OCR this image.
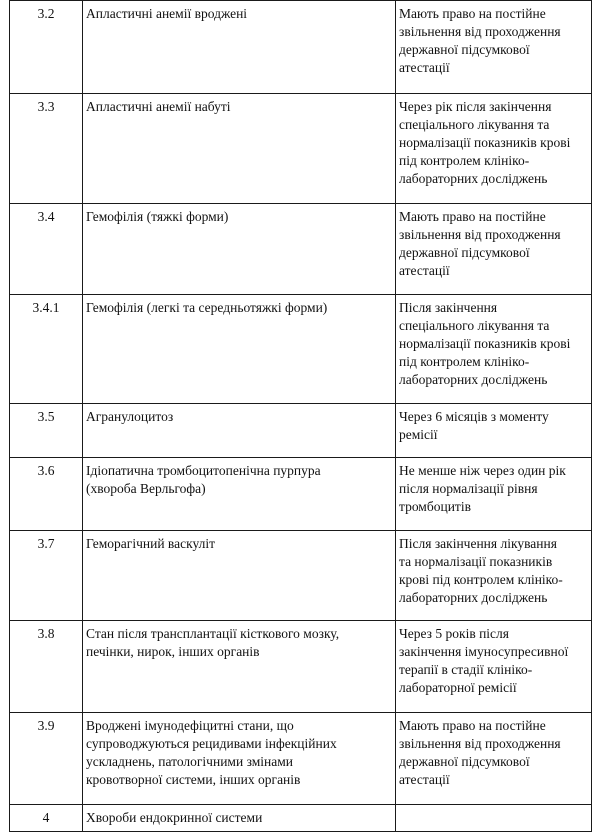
3.2	Апластичні анемії вроджені	Мають право на постійне
звільнення від проходження
державної підсумкової
атестації
3.3	Апластичні анемії набуті	Через рік після закінчення
спеціального лікування та
нормалізації показників крові
під контролем клініко-
лабораторних досліджень
3.4	Гемофілія (тяжкі форми)	Мають право на постійне
звільнення від проходження
державної підсумкової
атестації
3.4.1	Гемофілія (легкі та середньотяжкі форми)	Після закінчення
спеціального лікування та
нормалізації показників крові
під контролем клініко-
лабораторних досліджень
3.5	Агранулоцитоз	Через 6 місяців з моменту
ремісії
3.6	Ідіопатична тромбоцитопенічна пурпура
(хвороба Верльгофа)	Не менше ніж через один рік
після нормалізації рівня
тромбоцитів
3.7	Геморагічний васкуліт	Після закінчення лікування
та нормалізації показників
крові під контролем клініко-
лабораторних досліджень
3.8	Стан після трансплантації кісткового мозку,
печінки, нирок, інших органів	Через 5 років після
закінчення імуносупресивної
терапії в стадії клініко-
лабораторної ремісії
3.9	Вроджені імунодефіцитні стани, що
супроводжуються рецидивами інфекційних
ускладнень, патологічними змінами
кровотворної системи, інших органів	Мають право на постійне
звільнення від проходження
державної підсумкової
атестації
4	Хвороби ендокринної системи	
